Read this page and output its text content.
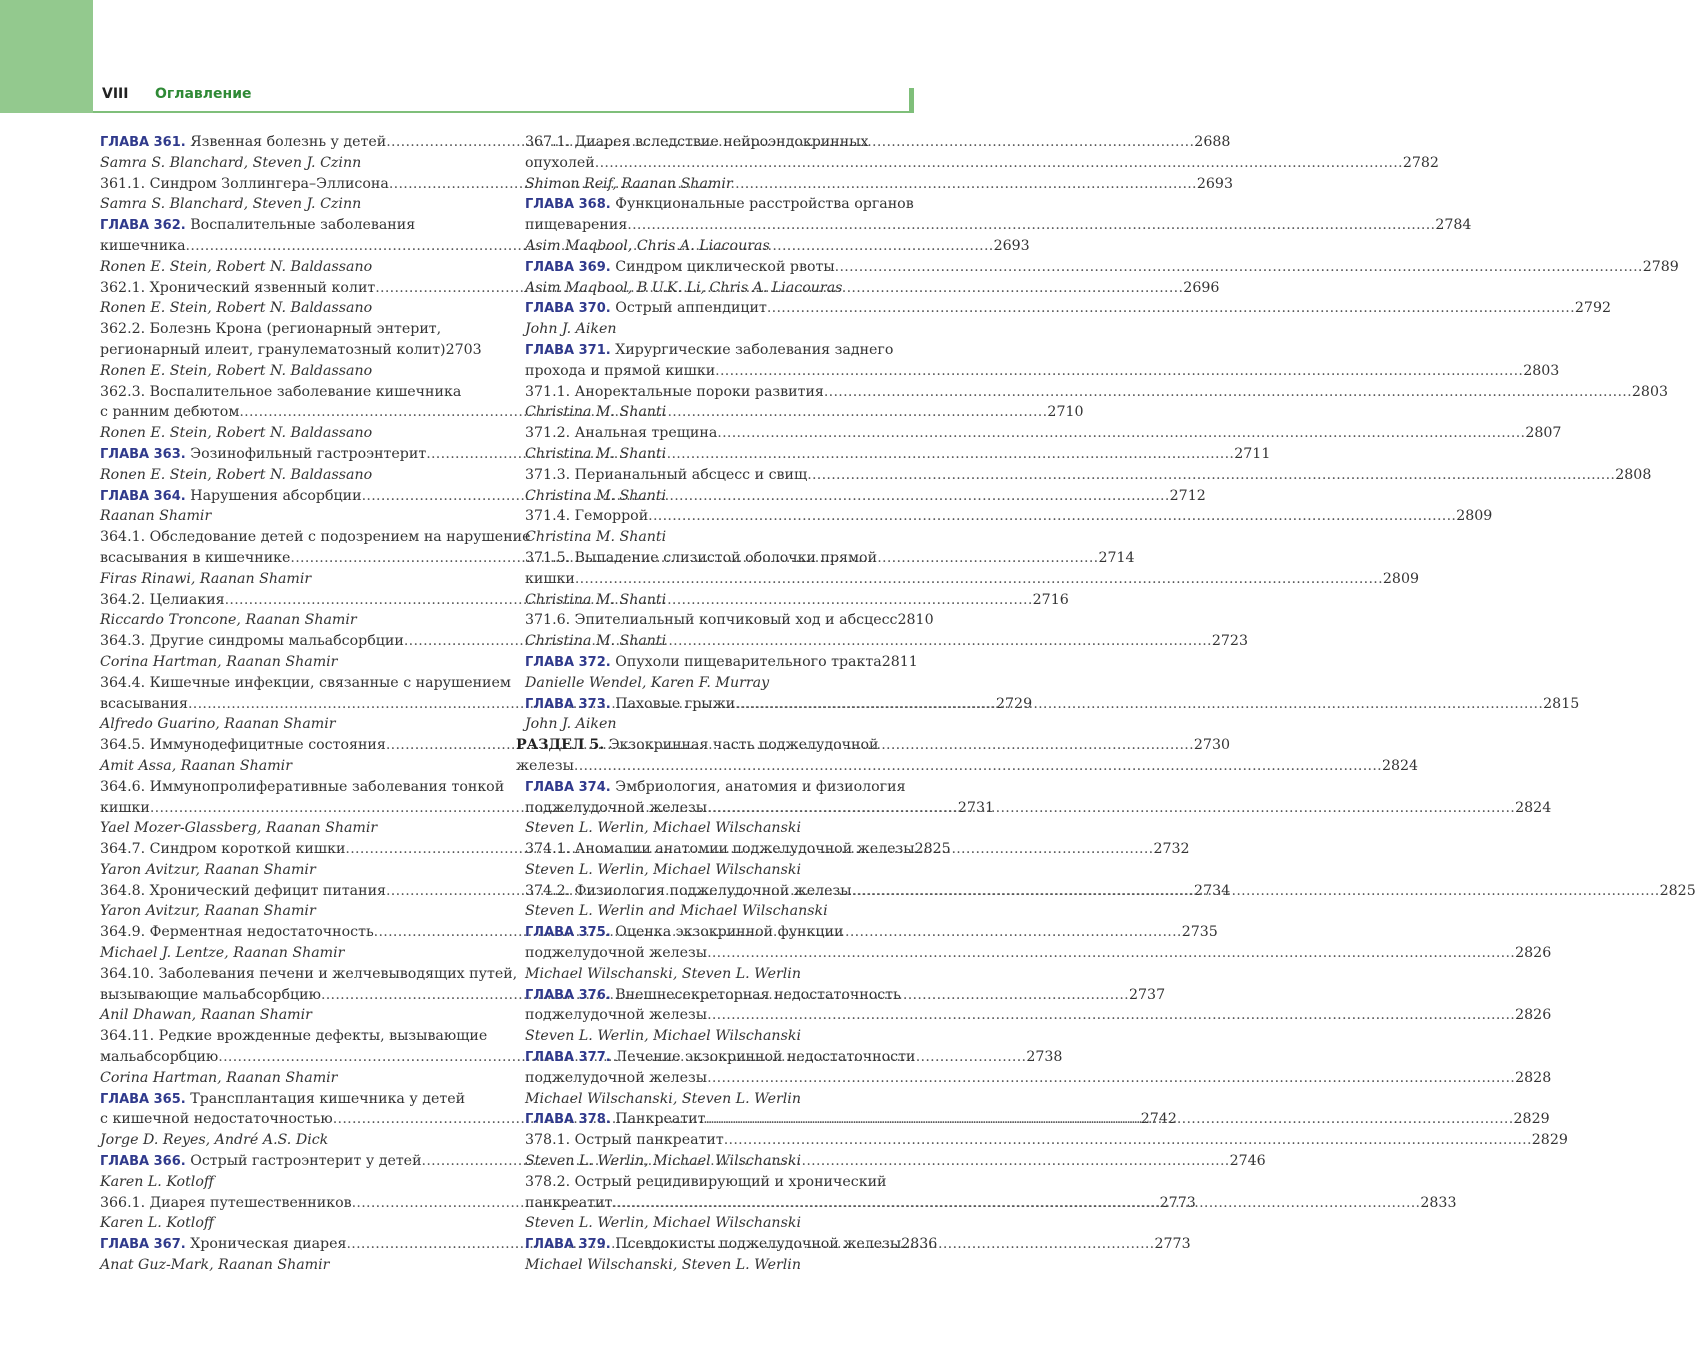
VIII Оглавление
ГЛАВА 361. Язвенная болезнь у детей .....	2688
Samra S. Blanchard, Steven J. Czinn
361.1. Синдром Золлингера–Эллисона .....	2693
Samra S. Blanchard, Steven J. Czinn
ГЛАВА 362. Воспалительные заболевания
кишечника .....	2693
Ronen E. Stein, Robert N. Baldassano
362.1. Хронический язвенный колит .....	2696
Ronen E. Stein, Robert N. Baldassano
362.2. Болезнь Крона (регионарный энтерит,
регионарный илеит, гранулематозный колит) 2703
Ronen E. Stein, Robert N. Baldassano
362.3. Воспалительное заболевание кишечника
с ранним дебютом .....	2710
Ronen E. Stein, Robert N. Baldassano
ГЛАВА 363. Эозинофильный гастроэнтерит .....	2711
Ronen E. Stein, Robert N. Baldassano
ГЛАВА 364. Нарушения абсорбции .....	2712
Raanan Shamir
364.1. Обследование детей с подозрением на нарушение
всасывания в кишечнике .....	2714
Firas Rinawi, Raanan Shamir
364.2. Целиакия .....	2716
Riccardo Troncone, Raanan Shamir
364.3. Другие синдромы мальабсорбции .....	2723
Corina Hartman, Raanan Shamir
364.4. Кишечные инфекции, связанные с нарушением
всасывания .....	2729
Alfredo Guarino, Raanan Shamir
364.5. Иммунодефицитные состояния .....	2730
Amit Assa, Raanan Shamir
364.6. Иммунопролиферативные заболевания тонкой
кишки .....	2731
Yael Mozer-Glassberg, Raanan Shamir
364.7. Синдром короткой кишки .....	2732
Yaron Avitzur, Raanan Shamir
364.8. Хронический дефицит питания .....	2734
Yaron Avitzur, Raanan Shamir
364.9. Ферментная недостаточность .....	2735
Michael J. Lentze, Raanan Shamir
364.10. Заболевания печени и желчевыводящих путей,
вызывающие мальабсорбцию .....	2737
Anil Dhawan, Raanan Shamir
364.11. Редкие врожденные дефекты, вызывающие
мальабсорбцию .....	2738
Corina Hartman, Raanan Shamir
ГЛАВА 365. Трансплантация кишечника у детей
с кишечной недостаточностью .....	2742
Jorge D. Reyes, André A.S. Dick
ГЛАВА 366. Острый гастроэнтерит у детей .....	2746
Karen L. Kotloff
366.1. Диарея путешественников .....	2773
Karen L. Kotloff
ГЛАВА 367. Хроническая диарея .....	2773
Anat Guz-Mark, Raanan Shamir
367.1. Диарея вследствие нейроэндокринных
опухолей .....	2782
Shimon Reif, Raanan Shamir
ГЛАВА 368. Функциональные расстройства органов
пищеварения .....	2784
Asim Maqbool, Chris A. Liacouras
ГЛАВА 369. Синдром циклической рвоты .....	2789
Asim Maqbool, B U.K. Li, Chris A. Liacouras
ГЛАВА 370. Острый аппендицит .....	2792
John J. Aiken
ГЛАВА 371. Хирургические заболевания заднего
прохода и прямой кишки .....	2803
371.1. Аноректальные пороки развития .....	2803
Christina M. Shanti
371.2. Анальная трещина .....	2807
Christina M. Shanti
371.3. Перианальный абсцесс и свищ .....	2808
Christina M. Shanti
371.4. Геморрой .....	2809
Christina M. Shanti
371.5. Выпадение слизистой оболочки прямой
кишки .....	2809
Christina M. Shanti
371.6. Эпителиальный копчиковый ход и абсцесс 2810
Christina M. Shanti
ГЛАВА 372. Опухоли пищеварительного тракта 2811
Danielle Wendel, Karen F. Murray
ГЛАВА 373. Паховые грыжи .....	2815
John J. Aiken
РАЗДЕЛ 5. Экзокринная часть поджелудочной
железы .....	2824
ГЛАВА 374. Эмбриология, анатомия и физиология
поджелудочной железы .....	2824
Steven L. Werlin, Michael Wilschanski
374.1. Аномалии анатомии поджелудочной железы 2825
Steven L. Werlin, Michael Wilschanski
374.2. Физиология поджелудочной железы .....	2825
Steven L. Werlin and Michael Wilschanski
ГЛАВА 375. Оценка экзокринной функции
поджелудочной железы .....	2826
Michael Wilschanski, Steven L. Werlin
ГЛАВА 376. Внешнесекреторная недостаточность
поджелудочной железы .....	2826
Steven L. Werlin, Michael Wilschanski
ГЛАВА 377. Лечение экзокринной недостаточности
поджелудочной железы .....	2828
Michael Wilschanski, Steven L. Werlin
ГЛАВА 378. Панкреатит .....	2829
378.1. Острый панкреатит .....	2829
Steven L. Werlin, Michael Wilschanski
378.2. Острый рецидивирующий и хронический
панкреатит .....	2833
Steven L. Werlin, Michael Wilschanski
ГЛАВА 379. Псевдокисты поджелудочной железы 2836
Michael Wilschanski, Steven L. Werlin
